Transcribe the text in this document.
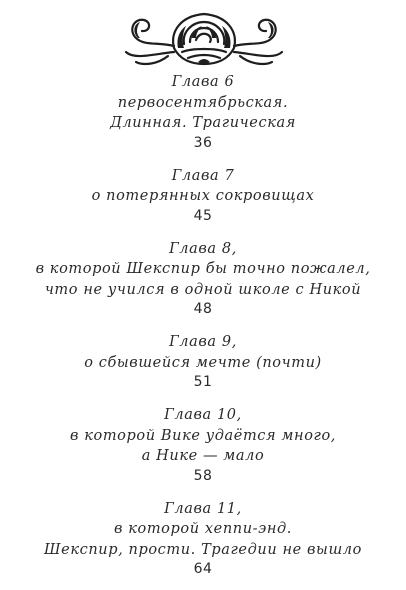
Глава 6
первосентябрьская.
Длинная. Трагическая
36
Глава 7
о потерянных сокровищах
45
Глава 8,
в которой Шекспир бы точно пожалел,
что не учился в одной школе с Никой
48
Глава 9,
о сбывшейся мечте (почти)
51
Глава 10,
в которой Вике удаётся много,
а Нике — мало
58
Глава 11,
в которой хеппи-энд.
Шекспир, прости. Трагедии не вышло
64
